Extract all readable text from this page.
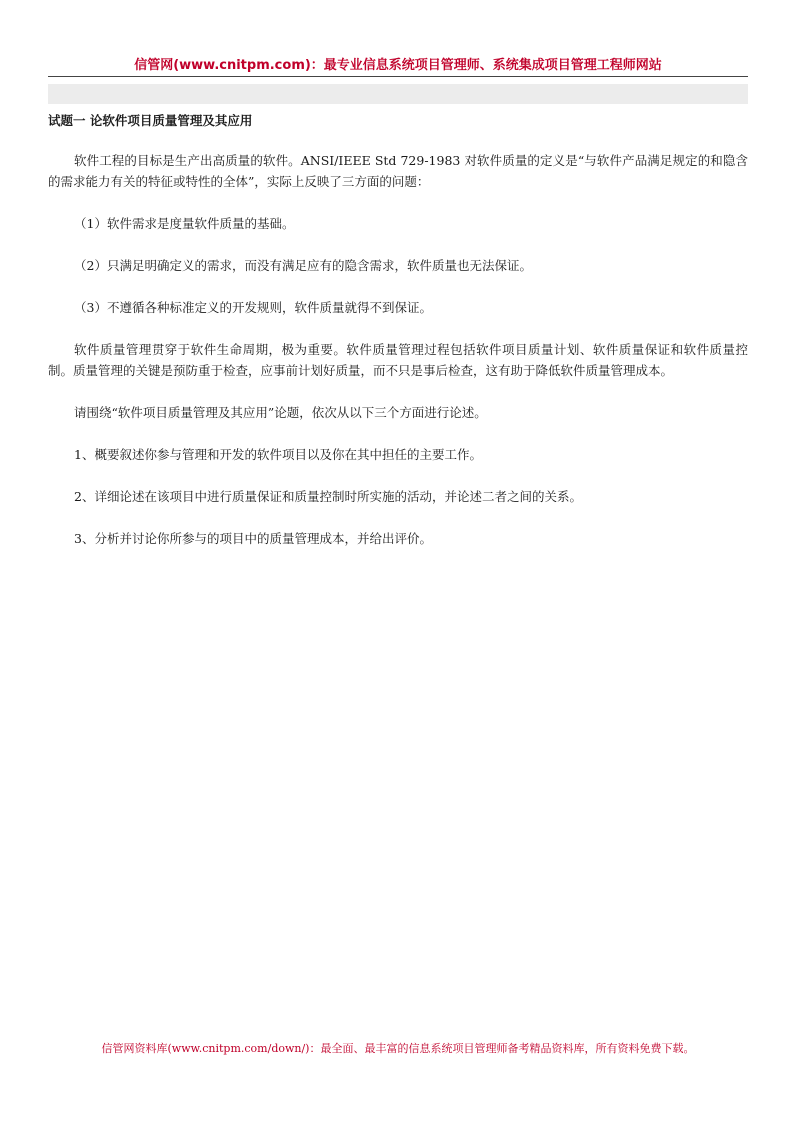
信管网(www.cnitpm.com)：最专业信息系统项目管理师、系统集成项目管理工程师网站
试题一 论软件项目质量管理及其应用
软件工程的目标是生产出高质量的软件。ANSI/IEEE Std 729-1983 对软件质量的定义是“与软件产品满足规定的和隐含的需求能力有关的特征或特性的全体”，实际上反映了三方面的问题：
（1）软件需求是度量软件质量的基础。
（2）只满足明确定义的需求，而没有满足应有的隐含需求，软件质量也无法保证。
（3）不遵循各种标准定义的开发规则，软件质量就得不到保证。
软件质量管理贯穿于软件生命周期，极为重要。软件质量管理过程包括软件项目质量计划、软件质量保证和软件质量控制。质量管理的关键是预防重于检查，应事前计划好质量，而不只是事后检查，这有助于降低软件质量管理成本。
请围绕“软件项目质量管理及其应用”论题，依次从以下三个方面进行论述。
1、概要叙述你参与管理和开发的软件项目以及你在其中担任的主要工作。
2、详细论述在该项目中进行质量保证和质量控制时所实施的活动，并论述二者之间的关系。
3、分析并讨论你所参与的项目中的质量管理成本，并给出评价。
信管网资料库(www.cnitpm.com/down/)：最全面、最丰富的信息系统项目管理师备考精品资料库，所有资料免费下载。
